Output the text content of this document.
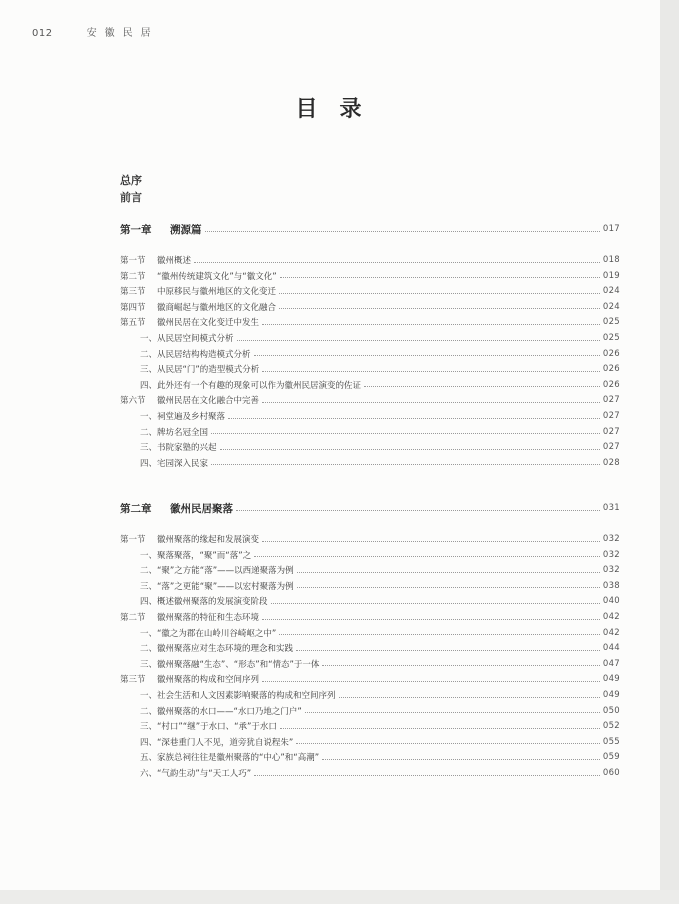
012	安徽民居
目录
总序
前言
第一章	溯源篇	017
第一节	徽州概述	018
第二节	“徽州传统建筑文化”与“徽文化”	019
第三节	中原移民与徽州地区的文化变迁	024
第四节	徽商崛起与徽州地区的文化融合	024
第五节	徽州民居在文化变迁中发生	025
一、从民居空间模式分析	025
二、从民居结构构造模式分析	026
三、从民居“门”的造型模式分析	026
四、此外还有一个有趣的现象可以作为徽州民居演变的佐证	026
第六节	徽州民居在文化融合中完善	027
一、祠堂遍及乡村聚落	027
二、牌坊名冠全国	027
三、书院家塾的兴起	027
四、宅园深入民家	028
第二章	徽州民居聚落	031
第一节	徽州聚落的缘起和发展演变	032
一、聚落聚落，“聚”而“落”之	032
二、“聚”之方能“落”——以西递聚落为例	032
三、“落”之更能“聚”——以宏村聚落为例	038
四、概述徽州聚落的发展演变阶段	040
第二节	徽州聚落的特征和生态环境	042
一、“徽之为郡在山岭川谷崎岖之中”	042
二、徽州聚落应对生态环境的理念和实践	044
三、徽州聚落融“生态”、“形态”和“情态”于一体	047
第三节	徽州聚落的构成和空间序列	049
一、社会生活和人文因素影响聚落的构成和空间序列	049
二、徽州聚落的水口——“水口乃地之门户”	050
三、“村口”“继”于水口、“承”于水口	052
四、“深巷重门人不见，道旁犹自说程朱”	055
五、家族总祠往往是徽州聚落的“中心”和“高潮”	059
六、“气韵生动”与“天工人巧”	060
